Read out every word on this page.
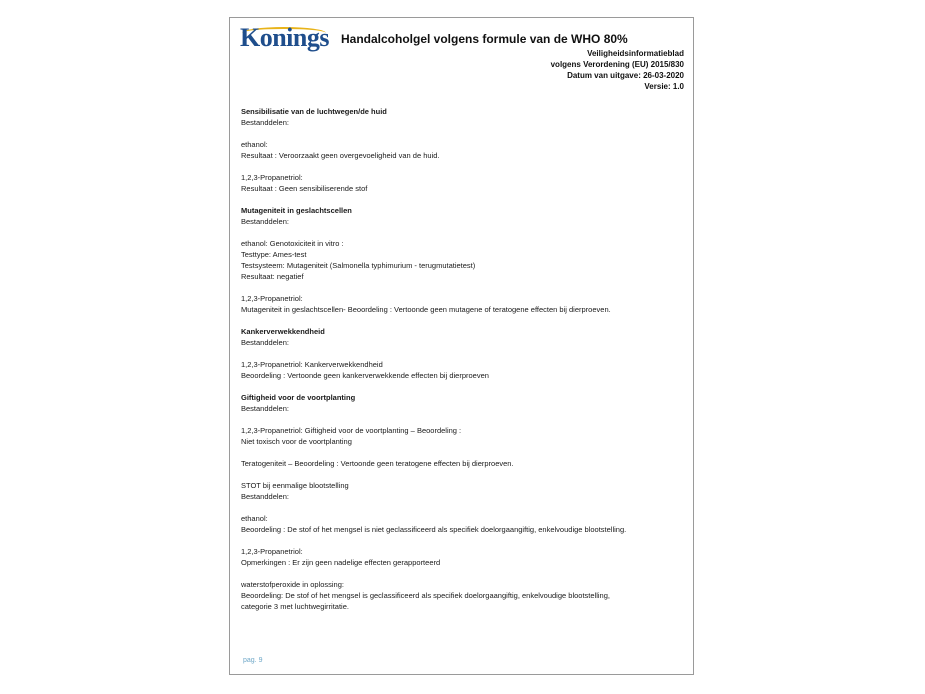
Konings Handalcoholgel volgens formule van de WHO 80%
Veiligheidsinformatieblad
volgens Verordening (EU) 2015/830
Datum van uitgave: 26-03-2020
Versie: 1.0

Sensibilisatie van de luchtwegen/de huid

Bestanddelen:

ethanol:

Resultaat : Veroorzaakt geen overgevoeligheid van de huid.

1,2,3-Propanetriol:

Resultaat : Geen sensibiliserende stof

Mutageniteit in geslachtscellen

Bestanddelen:

ethanol: Genotoxiciteit in vitro :

Testtype: Ames-test

Testsysteem: Mutageniteit (Salmonella typhimurium - terugmutatietest)

Resultaat: negatief

1,2,3-Propanetriol:

Mutageniteit in geslachtscellen- Beoordeling : Vertoonde geen mutagene of teratogene effecten bij dierproeven.

Kankerverwekkendheid

Bestanddelen:

1,2,3-Propanetriol: Kankerverwekkendheid

Beoordeling : Vertoonde geen kankerverwekkende effecten bij dierproeven

Giftigheid voor de voortplanting

Bestanddelen:

1,2,3-Propanetriol: Giftigheid voor de voortplanting – Beoordeling :

Niet toxisch voor de voortplanting

Teratogeniteit – Beoordeling : Vertoonde geen teratogene effecten bij dierproeven.

STOT bij eenmalige blootstelling

Bestanddelen:

ethanol:

Beoordeling : De stof of het mengsel is niet geclassificeerd als specifiek doelorgaangiftig, enkelvoudige blootstelling.

1,2,3-Propanetriol:

Opmerkingen : Er zijn geen nadelige effecten gerapporteerd

waterstofperoxide in oplossing:

Beoordeling: De stof of het mengsel is geclassificeerd als specifiek doelorgaangiftig, enkelvoudige blootstelling,

categorie 3 met luchtwegirritatie.

pag. 9
